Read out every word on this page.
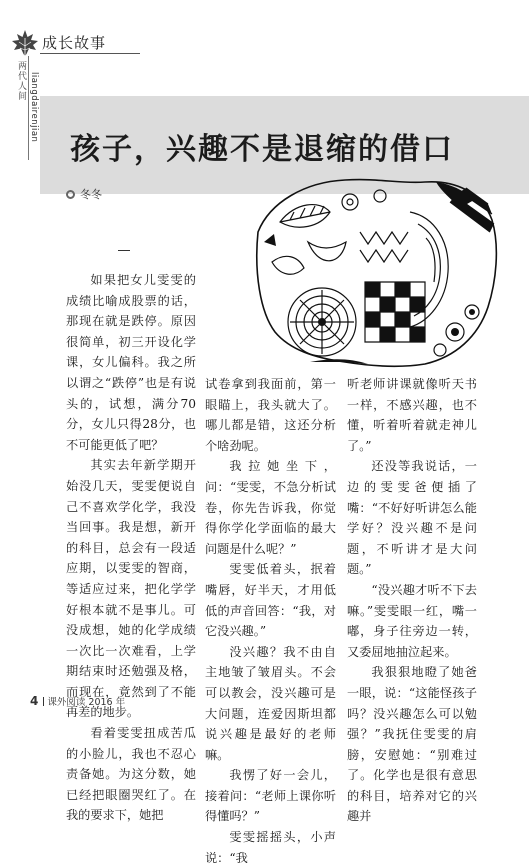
成长故事
两代人间 liangdairenjian
孩子，兴趣不是退缩的借口
冬冬

如果把女儿雯雯的成绩比喻成股票的话，那现在就是跌停。原因很简单，初三开设化学课，女儿偏科。我之所以谓之“跌停”也是有说头的，试想，满分70分，女儿只得28分，也不可能更低了吧？

其实去年新学期开始没几天，雯雯便说自己不喜欢学化学，我没当回事。我是想，新开的科目，总会有一段适应期，以雯雯的智商，等适应过来，把化学学好根本就不是事儿。可没成想，她的化学成绩一次比一次难看，上学期结束时还勉强及格，而现在，竟然到了不能再差的地步。

看着雯雯扭成苦瓜的小脸儿，我也不忍心责备她。为这分数，她已经把眼圈哭红了。在我的要求下，她把

试卷拿到我面前，第一眼瞄上，我头就大了。哪儿都是错，这还分析个啥劲呢。

我拉她坐下，问：“雯雯，不急分析试卷，你先告诉我，你觉得你学化学面临的最大问题是什么呢？”

雯雯低着头，抿着嘴唇，好半天，才用低低的声音回答：“我，对它没兴趣。”

没兴趣？我不由自主地皱了皱眉头。不会可以教会，没兴趣可是大问题，连爱因斯坦都说兴趣是最好的老师嘛。

我愣了好一会儿，接着问：“老师上课你听得懂吗？”

雯雯摇摇头，小声说：“我

听老师讲课就像听天书一样，不感兴趣，也不懂，听着听着就走神儿了。”

还没等我说话，一边的雯雯爸便插了嘴：“不好好听讲怎么能学好？没兴趣不是问题，不听讲才是大问题。”

“没兴趣才听不下去嘛。”雯雯眼一红，嘴一嘟，身子往旁边一转，又委屈地抽泣起来。

我狠狠地瞪了她爸一眼，说：“这能怪孩子吗？没兴趣怎么可以勉强？”我抚住雯雯的肩膀，安慰她：“别难过了。化学也是很有意思的科目，培养对它的兴趣并

4 课外阅读 2016 年
